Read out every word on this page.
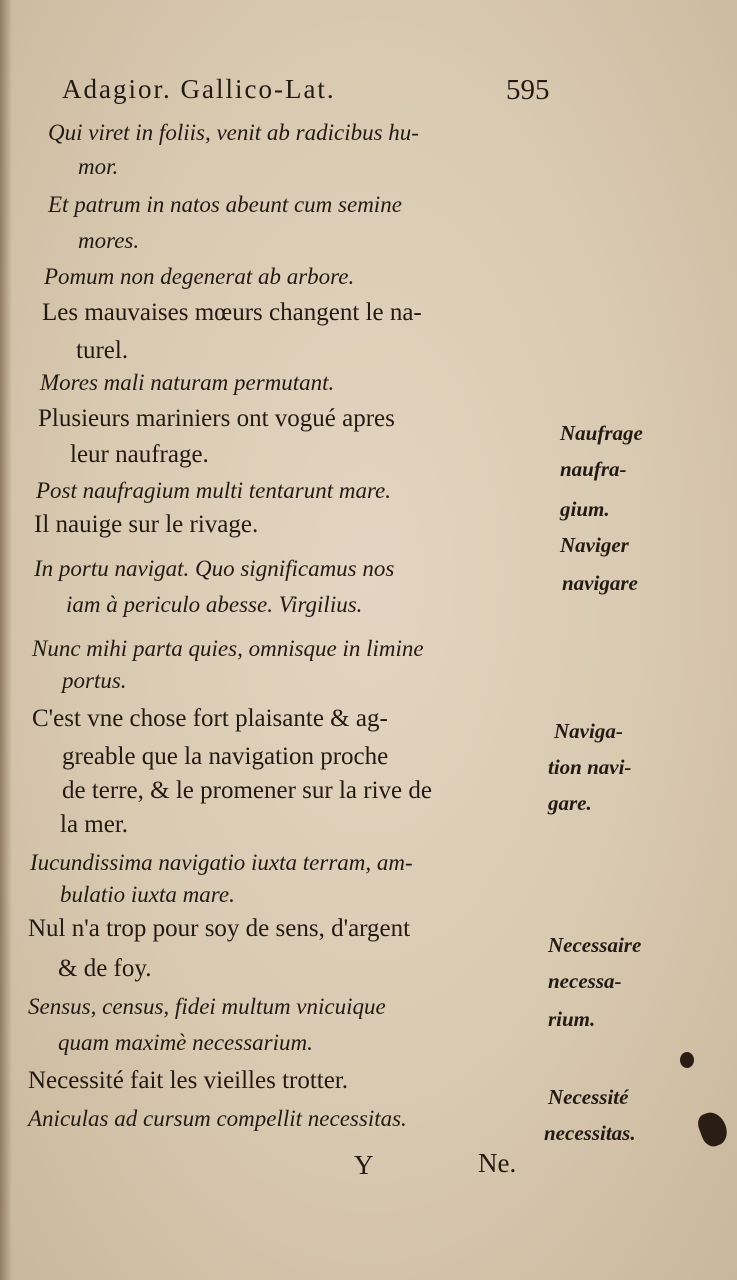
Adagior. Gallico-Lat.	595
Qui viret in foliis, venit ab radicibus hu-
mor.
Et patrum in natos abeunt cum semine
mores.
Pomum non degenerat ab arbore.
Les mauvaises mœurs changent le na-
turel.
Mores mali naturam permutant.
Plusieurs mariniers ont vogué apres
leur naufrage.
Post naufragium multi tentarunt mare.
Il nauige sur le rivage.
In portu navigat. Quo significamus nos
iam à periculo abesse. Virgilius.
Nunc mihi parta quies, omnisque in limine
portus.
C'est vne chose fort plaisante & ag-
greable que la navigation proche
de terre, & le promener sur la rive de
la mer.
Iucundissima navigatio iuxta terram, am-
bulatio iuxta mare.
Nul n'a trop pour soy de sens, d'argent
& de foy.
Sensus, census, fidei multum vnicuique
quam maximè necessarium.
Necessité fait les vieilles trotter.
Aniculas ad cursum compellit necessitas.
Naufrage
naufra-
gium.
Naviger
navigare
Naviga-
tion navi-
gare.
Necessaire
necessa-
rium.
Necessité
necessitas.
Y	Ne.
